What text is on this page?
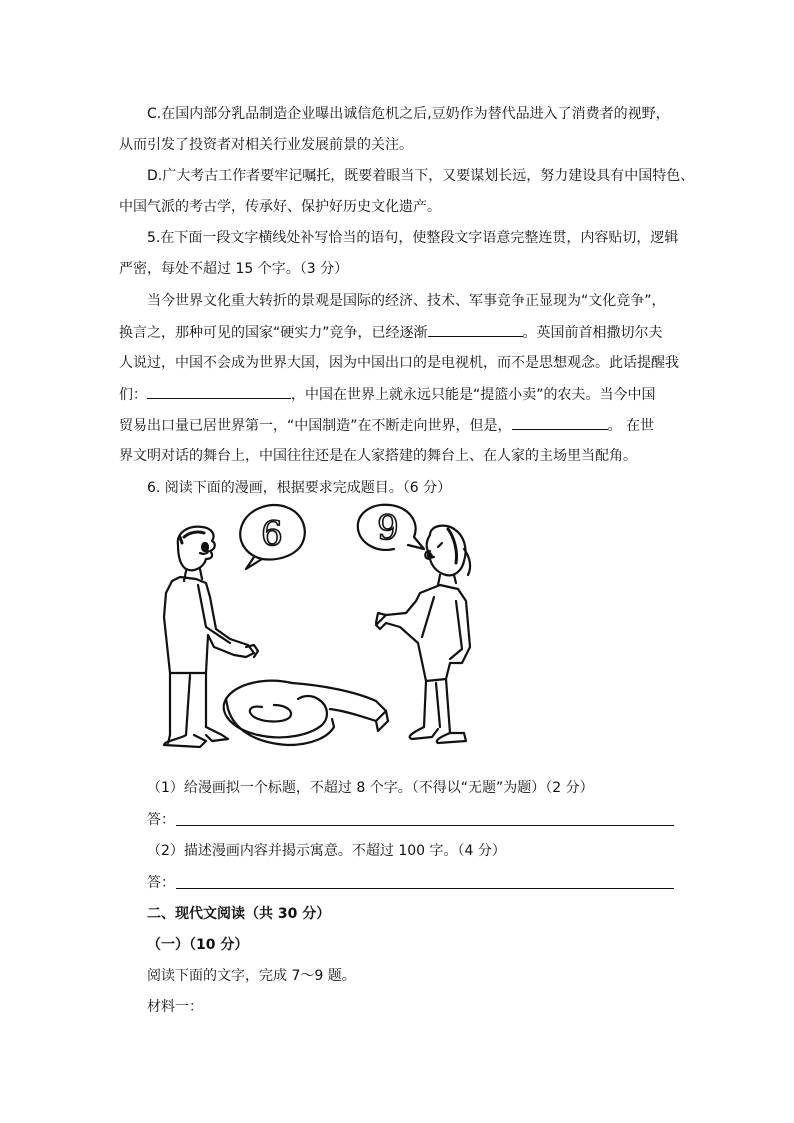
C.在国内部分乳品制造企业曝出诚信危机之后,豆奶作为替代品进入了消费者的视野，
从而引发了投资者对相关行业发展前景的关注。
D.广大考古工作者要牢记嘱托，既要着眼当下，又要谋划长远，努力建设具有中国特色、
中国气派的考古学，传承好、保护好历史文化遗产。
5.在下面一段文字横线处补写恰当的语句，使整段文字语意完整连贯，内容贴切，逻辑
严密，每处不超过 15 个字。（3 分）
当今世界文化重大转折的景观是国际的经济、技术、军事竞争正显现为“文化竞争”，
换言之，那种可见的国家“硬实力”竞争，已经逐渐	。英国前首相撒切尔夫
人说过，中国不会成为世界大国，因为中国出口的是电视机，而不是思想观念。此话提醒我
们：	，中国在世界上就永远只能是“提篮小卖”的农夫。当今中国
贸易出口量已居世界第一，“中国制造”在不断走向世界，但是，	。 在世
界文明对话的舞台上，中国往往还是在人家搭建的舞台上、在人家的主场里当配角。
6. 阅读下面的漫画，根据要求完成题目。（6 分）
6	9
（1）给漫画拟一个标题，不超过 8 个字。（不得以“无题”为题）（2 分）
答：
（2）描述漫画内容并揭示寓意。不超过 100 字。（4 分）
答：
二、现代文阅读（共 30 分）
（一）（10 分）
阅读下面的文字，完成 7～9 题。
材料一：
